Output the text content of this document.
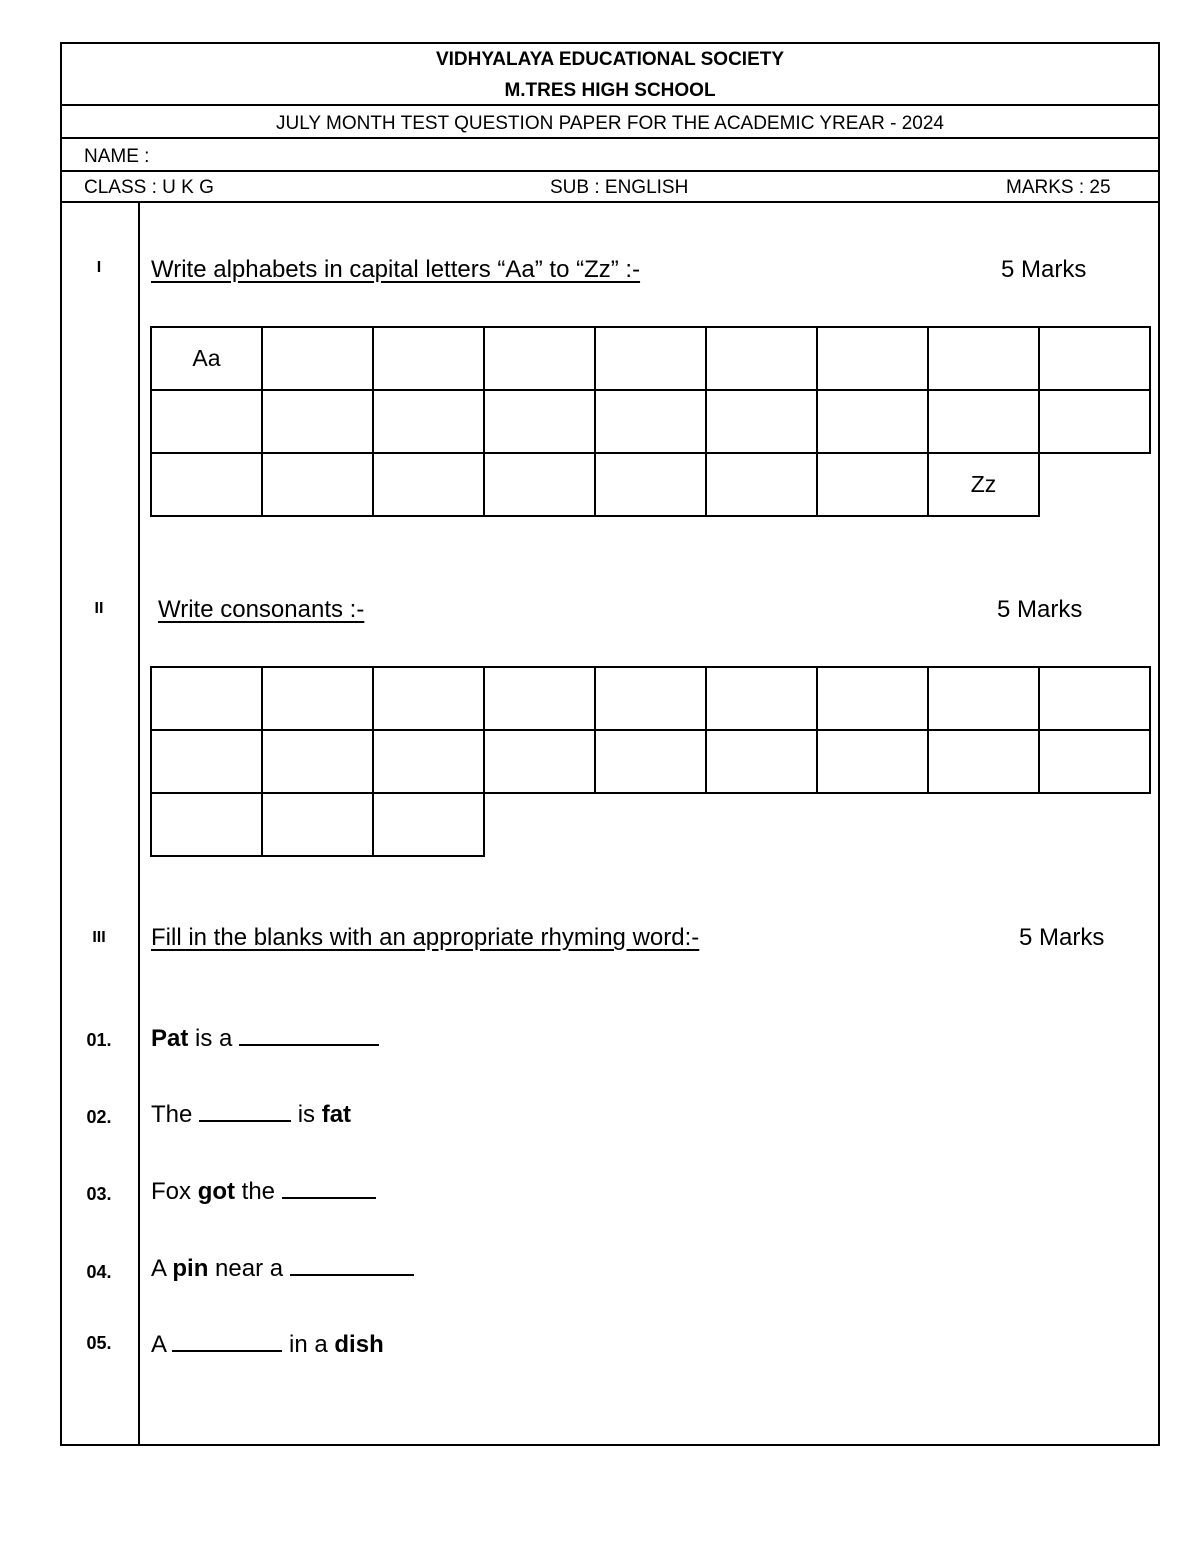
VIDHYALAYA EDUCATIONAL SOCIETY
M.TRES HIGH SCHOOL
JULY MONTH TEST QUESTION PAPER FOR THE ACADEMIC YREAR - 2024
NAME :
CLASS : U K G	SUB : ENGLISH	MARKS : 25
I	Write alphabets in capital letters “Aa” to “Zz” :-	5 Marks
Aa								

							Zz	
II	Write consonants :-	5 Marks

III	Fill in the blanks with an appropriate rhyming word:-	5 Marks
01.	Pat is a
02.	The	is fat
03.	Fox got the
04.	A pin near a
05.	A	in a dish
